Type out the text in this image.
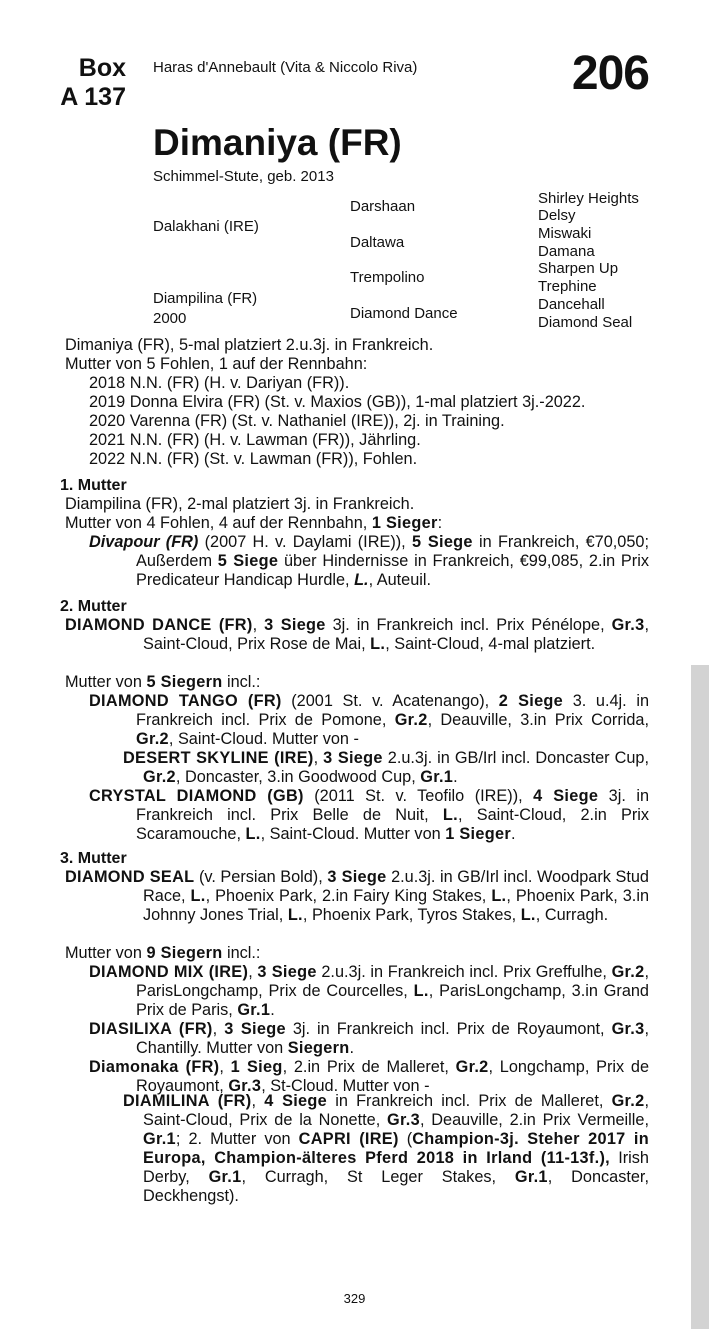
Box
A 137
Haras d'Annebault (Vita & Niccolo Riva)	206
Dimaniya (FR)
Schimmel-Stute, geb. 2013
Dalakhani (IRE)
Diampilina (FR)
2000
Darshaan
Daltawa
Trempolino
Diamond Dance
Shirley Heights
Delsy
Miswaki
Damana
Sharpen Up
Trephine
Dancehall
Diamond Seal
Dimaniya (FR), 5-mal platziert 2.u.3j. in Frankreich.
Mutter von 5 Fohlen, 1 auf der Rennbahn:
2018 N.N. (FR) (H. v. Dariyan (FR)).
2019 Donna Elvira (FR) (St. v. Maxios (GB)), 1-mal platziert 3j.-2022.
2020 Varenna (FR) (St. v. Nathaniel (IRE)), 2j. in Training.
2021 N.N. (FR) (H. v. Lawman (FR)), Jährling.
2022 N.N. (FR) (St. v. Lawman (FR)), Fohlen.
1. Mutter
Diampilina (FR), 2-mal platziert 3j. in Frankreich.
Mutter von 4 Fohlen, 4 auf der Rennbahn, 1 Sieger:
Divapour (FR) (2007 H. v. Daylami (IRE)), 5 Siege in Frankreich, €70,050; Außerdem 5 Siege über Hindernisse in Frankreich, €99,085, 2.in Prix Predicateur Handicap Hurdle, L., Auteuil.
2. Mutter
DIAMOND DANCE (FR), 3 Siege 3j. in Frankreich incl. Prix Pénélope, Gr.3, Saint-Cloud, Prix Rose de Mai, L., Saint-Cloud, 4-mal platziert.
Mutter von 5 Siegern incl.:
DIAMOND TANGO (FR) (2001 St. v. Acatenango), 2 Siege 3. u.4j. in Frankreich incl. Prix de Pomone, Gr.2, Deauville, 3.in Prix Corrida, Gr.2, Saint-Cloud. Mutter von -
DESERT SKYLINE (IRE), 3 Siege 2.u.3j. in GB/Irl incl. Doncaster Cup, Gr.2, Doncaster, 3.in Goodwood Cup, Gr.1.
CRYSTAL DIAMOND (GB) (2011 St. v. Teofilo (IRE)), 4 Siege 3j. in Frankreich incl. Prix Belle de Nuit, L., Saint-Cloud, 2.in Prix Scaramouche, L., Saint-Cloud. Mutter von 1 Sieger.
3. Mutter
DIAMOND SEAL (v. Persian Bold), 3 Siege 2.u.3j. in GB/Irl incl. Woodpark Stud Race, L., Phoenix Park, 2.in Fairy King Stakes, L., Phoenix Park, 3.in Johnny Jones Trial, L., Phoenix Park, Tyros Stakes, L., Curragh.
Mutter von 9 Siegern incl.:
DIAMOND MIX (IRE), 3 Siege 2.u.3j. in Frankreich incl. Prix Greffulhe, Gr.2, ParisLongchamp, Prix de Courcelles, L., ParisLongchamp, 3.in Grand Prix de Paris, Gr.1.
DIASILIXA (FR), 3 Siege 3j. in Frankreich incl. Prix de Royaumont, Gr.3, Chantilly. Mutter von Siegern.
Diamonaka (FR), 1 Sieg, 2.in Prix de Malleret, Gr.2, Longchamp, Prix de Royaumont, Gr.3, St-Cloud. Mutter von -
DIAMILINA (FR), 4 Siege in Frankreich incl. Prix de Malleret, Gr.2, Saint-Cloud, Prix de la Nonette, Gr.3, Deauville, 2.in Prix Vermeille, Gr.1; 2. Mutter von CAPRI (IRE) (Champion-3j. Steher 2017 in Europa, Champion-älteres Pferd 2018 in Irland (11-13f.), Irish Derby, Gr.1, Curragh, St Leger Stakes, Gr.1, Doncaster, Deckhengst).
329
